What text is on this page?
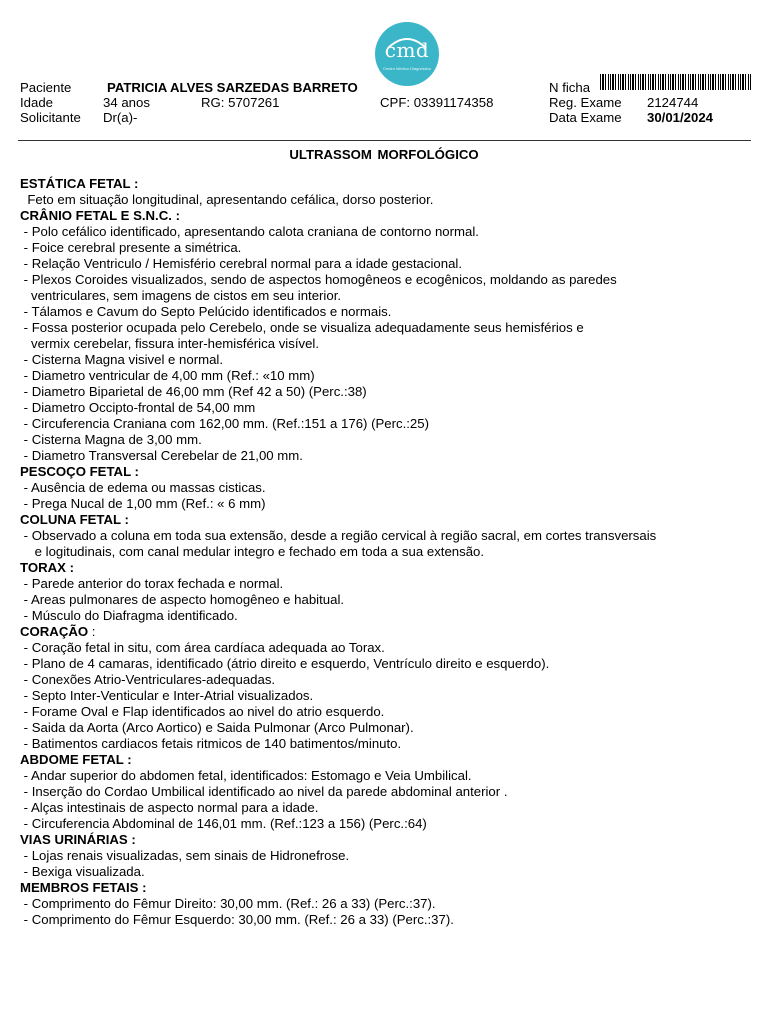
cmd
Centro Médico Diagnóstico
Paciente	PATRICIA ALVES SARZEDAS BARRETO	N ficha
Idade	34 anos	RG: 5707261	CPF: 03391174358	Reg. Exame 2124744
Solicitante Dr(a)-	Data Exame 30/01/2024
ULTRASSOM MORFOLÓGICO
ESTÁTICA FETAL :
Feto em situação longitudinal, apresentando cefálica, dorso posterior.
CRÂNIO FETAL E S.N.C. :
- Polo cefálico identificado, apresentando calota craniana de contorno normal.
- Foice cerebral presente a simétrica.
- Relação Ventriculo / Hemisfério cerebral normal para a idade gestacional.
- Plexos Coroides visualizados, sendo de aspectos homogêneos e ecogênicos, moldando as paredes
ventriculares, sem imagens de cistos em seu interior.
- Tálamos e Cavum do Septo Pelúcido identificados e normais.
- Fossa posterior ocupada pelo Cerebelo, onde se visualiza adequadamente seus hemisférios e
vermix cerebelar, fissura inter-hemisférica visível.
- Cisterna Magna visivel e normal.
- Diametro ventricular de 4,00 mm (Ref.: «10 mm)
- Diametro Biparietal de 46,00 mm (Ref 42 a 50) (Perc.:38)
- Diametro Occipto-frontal de 54,00 mm
- Circuferencia Craniana com 162,00 mm. (Ref.:151 a 176) (Perc.:25)
- Cisterna Magna de 3,00 mm.
- Diametro Transversal Cerebelar de 21,00 mm.
PESCOÇO FETAL :
- Ausência de edema ou massas cisticas.
- Prega Nucal de 1,00 mm (Ref.: « 6 mm)
COLUNA FETAL :
- Observado a coluna em toda sua extensão, desde a região cervical à região sacral, em cortes transversais
e logitudinais, com canal medular integro e fechado em toda a sua extensão.
TORAX :
- Parede anterior do torax fechada e normal.
- Areas pulmonares de aspecto homogêneo e habitual.
- Músculo do Diafragma identificado.
CORAÇÃO :
- Coração fetal in situ, com área cardíaca adequada ao Torax.
- Plano de 4 camaras, identificado (átrio direito e esquerdo, Ventrículo direito e esquerdo).
- Conexões Atrio-Ventriculares-adequadas.
- Septo Inter-Venticular e Inter-Atrial visualizados.
- Forame Oval e Flap identificados ao nivel do atrio esquerdo.
- Saida da Aorta (Arco Aortico) e Saida Pulmonar (Arco Pulmonar).
- Batimentos cardiacos fetais ritmicos de 140 batimentos/minuto.
ABDOME FETAL :
- Andar superior do abdomen fetal, identificados: Estomago e Veia Umbilical.
- Inserção do Cordao Umbilical identificado ao nivel da parede abdominal anterior .
- Alças intestinais de aspecto normal para a idade.
- Circuferencia Abdominal de 146,01 mm. (Ref.:123 a 156) (Perc.:64)
VIAS URINÁRIAS :
- Lojas renais visualizadas, sem sinais de Hidronefrose.
- Bexiga visualizada.
MEMBROS FETAIS :
- Comprimento do Fêmur Direito: 30,00 mm. (Ref.: 26 a 33) (Perc.:37).
- Comprimento do Fêmur Esquerdo: 30,00 mm. (Ref.: 26 a 33) (Perc.:37).
